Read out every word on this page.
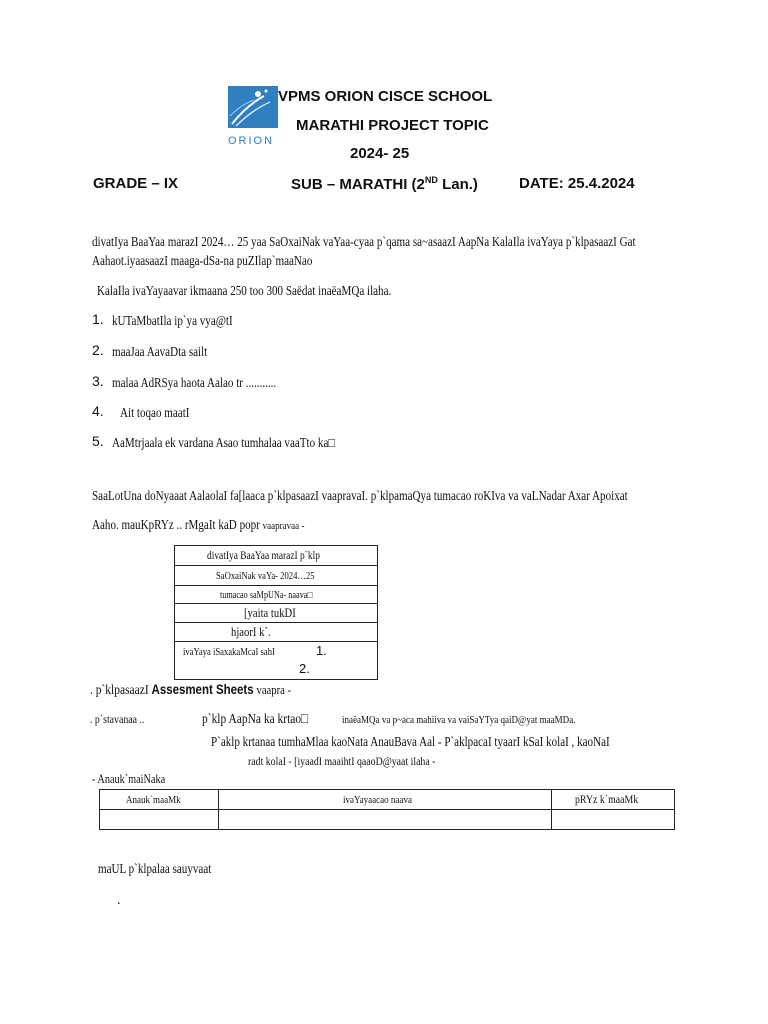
ORION
VPMS ORION CISCE SCHOOL
MARATHI PROJECT TOPIC
2024- 25
GRADE – IX	SUB – MARATHI (2ND Lan.)	DATE: 25.4.2024
divatIya BaaYaa marazI 2024… 25 yaa SaOxaiNak vaYaa-cyaa p`qama sa~asaazI AapNa KalaIla ivaYaya p`klpasaazI Gat
Aahaot.iyaasaazI maaga-dSa-na puZIlap`maaNao
KalaIla ivaYayaavar ikmaana 250 too 300 Saëdat inaëaMQa ilaha.
1. kUTaMbatIla ip`ya vya@tI
2. maaJaa AavaDta sailt
3. malaa AdRSya haota Aalao tr ...........
4. Ait toqao maatI
5. AaMtrjaala ek vardana Asao tumhalaa vaaTto ka□
SaaLotUna doNyaaat AalaolaI fa[laaca p`klpasaazI vaapravaI. p`klpamaQya tumacao roKIva va vaLNadar Axar Apoixat
Aaho. mauKpRYz .. rMgaIt kaD popr vaapravaa -
divatIya BaaYaa marazI p`klp
SaOxaiNak vaYa- 2024…25
tumacao saMpUNa- naava□
[yaita tukDI
hjaorI k`.
ivaYaya iSaxakaMcaI sahI	1.
2.
. p`klpasaazI Assesment Sheets vaapra -
. p`stavanaa ..	p`klp AapNa ka krtao□	inaëaMQa va p~aca mahiiva va vaiSaYTya qaiD@yat maaMDa.
P`aklp krtanaa tumhaMlaa kaoNata AnauBava Aal - P`aklpacaI tyaarI kSaI kolaI , kaoNaI
radt kolaI - [iyaadI maaihtI qaaoD@yaat ilaha -
- Anauk`maiNaka
Anauk`maaMk	ivaYayaacao naava	pRYz k`maaMk

maUL p`klpalaa sauyvaat
.
